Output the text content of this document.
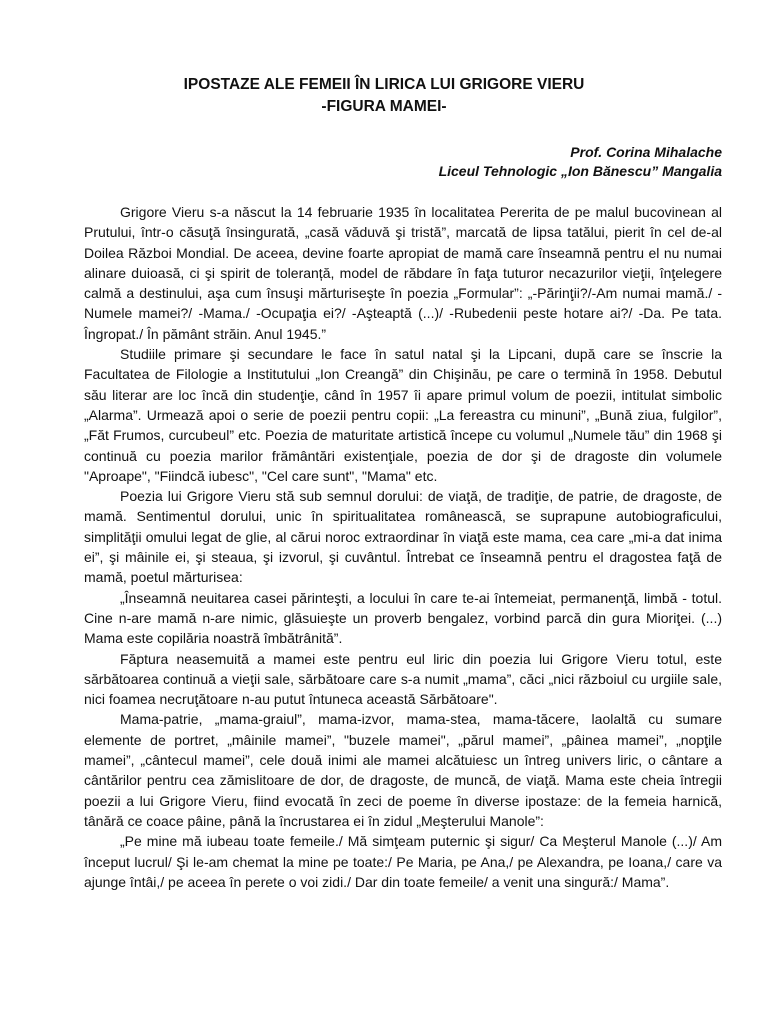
IPOSTAZE ALE FEMEII ÎN LIRICA LUI GRIGORE VIERU
-FIGURA MAMEI-
Prof. Corina Mihalache
Liceul Tehnologic „Ion Bănescu” Mangalia

Grigore Vieru s-a născut la 14 februarie 1935 în localitatea Pererita de pe malul bucovinean al Prutului, într-o căsuţă însingurată, „casă văduvă şi tristă”, marcată de lipsa tatălui, pierit în cel de-al Doilea Război Mondial. De aceea, devine foarte apropiat de mamă care înseamnă pentru el nu numai alinare duioasă, ci şi spirit de toleranță, model de răbdare în faţa tuturor necazurilor vieţii, înţelegere calmă a destinului, aşa cum însuşi mărturiseşte în poezia „Formular”: „-Părinţii?/-Am numai mamă./ -Numele mamei?/ -Mama./ -Ocupaţia ei?/ -Aşteaptă (...)/ -Rubedenii peste hotare ai?/ -Da. Pe tata. Îngropat./ În pământ străin. Anul 1945.”

Studiile primare şi secundare le face în satul natal şi la Lipcani, după care se înscrie la Facultatea de Filologie a Institutului „Ion Creangă” din Chişinău, pe care o termină în 1958. Debutul său literar are loc încă din studenţie, când în 1957 îi apare primul volum de poezii, intitulat simbolic „Alarma”. Urmează apoi o serie de poezii pentru copii: „La fereastra cu minuni”, „Bună ziua, fulgilor”, „Făt Frumos, curcubeul” etc. Poezia de maturitate artistică începe cu volumul „Numele tău” din 1968 şi continuă cu poezia marilor frământări existenţiale, poezia de dor şi de dragoste din volumele "Aproape", "Fiindcă iubesc", "Cel care sunt", "Mama" etc.

Poezia lui Grigore Vieru stă sub semnul dorului: de viaţă, de tradiţie, de patrie, de dragoste, de mamă. Sentimentul dorului, unic în spiritualitatea românească, se suprapune autobiograficului, simplităţii omului legat de glie, al cărui noroc extraordinar în viaţă este mama, cea care „mi-a dat inima ei”, şi mâinile ei, şi steaua, şi izvorul, şi cuvântul. Întrebat ce înseamnă pentru el dragostea faţă de mamă, poetul mărturisea:

„Înseamnă neuitarea casei părinteşti, a locului în care te-ai întemeiat, permanenţă, limbă - totul. Cine n-are mamă n-are nimic, glăsuieşte un proverb bengalez, vorbind parcă din gura Mioriţei. (...) Mama este copilăria noastră îmbătrânită”.

Făptura neasemuită a mamei este pentru eul liric din poezia lui Grigore Vieru totul, este sărbătoarea continuă a vieţii sale, sărbătoare care s-a numit „mama”, căci „nici războiul cu urgiile sale, nici foamea necruţătoare n-au putut întuneca această Sărbătoare".

Mama-patrie, „mama-graiul”, mama-izvor, mama-stea, mama-tăcere, laolaltă cu sumare elemente de portret, „mâinile mamei”, "buzele mamei", „părul mamei”, „pâinea mamei”, „nopţile mamei”, „cântecul mamei”, cele două inimi ale mamei alcătuiesc un întreg univers liric, o cântare a cântărilor pentru cea zămislitoare de dor, de dragoste, de muncă, de viaţă. Mama este cheia întregii poezii a lui Grigore Vieru, fiind evocată în zeci de poeme în diverse ipostaze: de la femeia harnică, tânără ce coace pâine, până la încrustarea ei în zidul „Meşterului Manole”:

„Pe mine mă iubeau toate femeile./ Mă simţeam puternic şi sigur/ Ca Meşterul Manole (...)/ Am început lucrul/ Şi le-am chemat la mine pe toate:/ Pe Maria, pe Ana,/ pe Alexandra, pe Ioana,/ care va ajunge întâi,/ pe aceea în perete o voi zidi./ Dar din toate femeile/ a venit una singură:/ Mama”.
